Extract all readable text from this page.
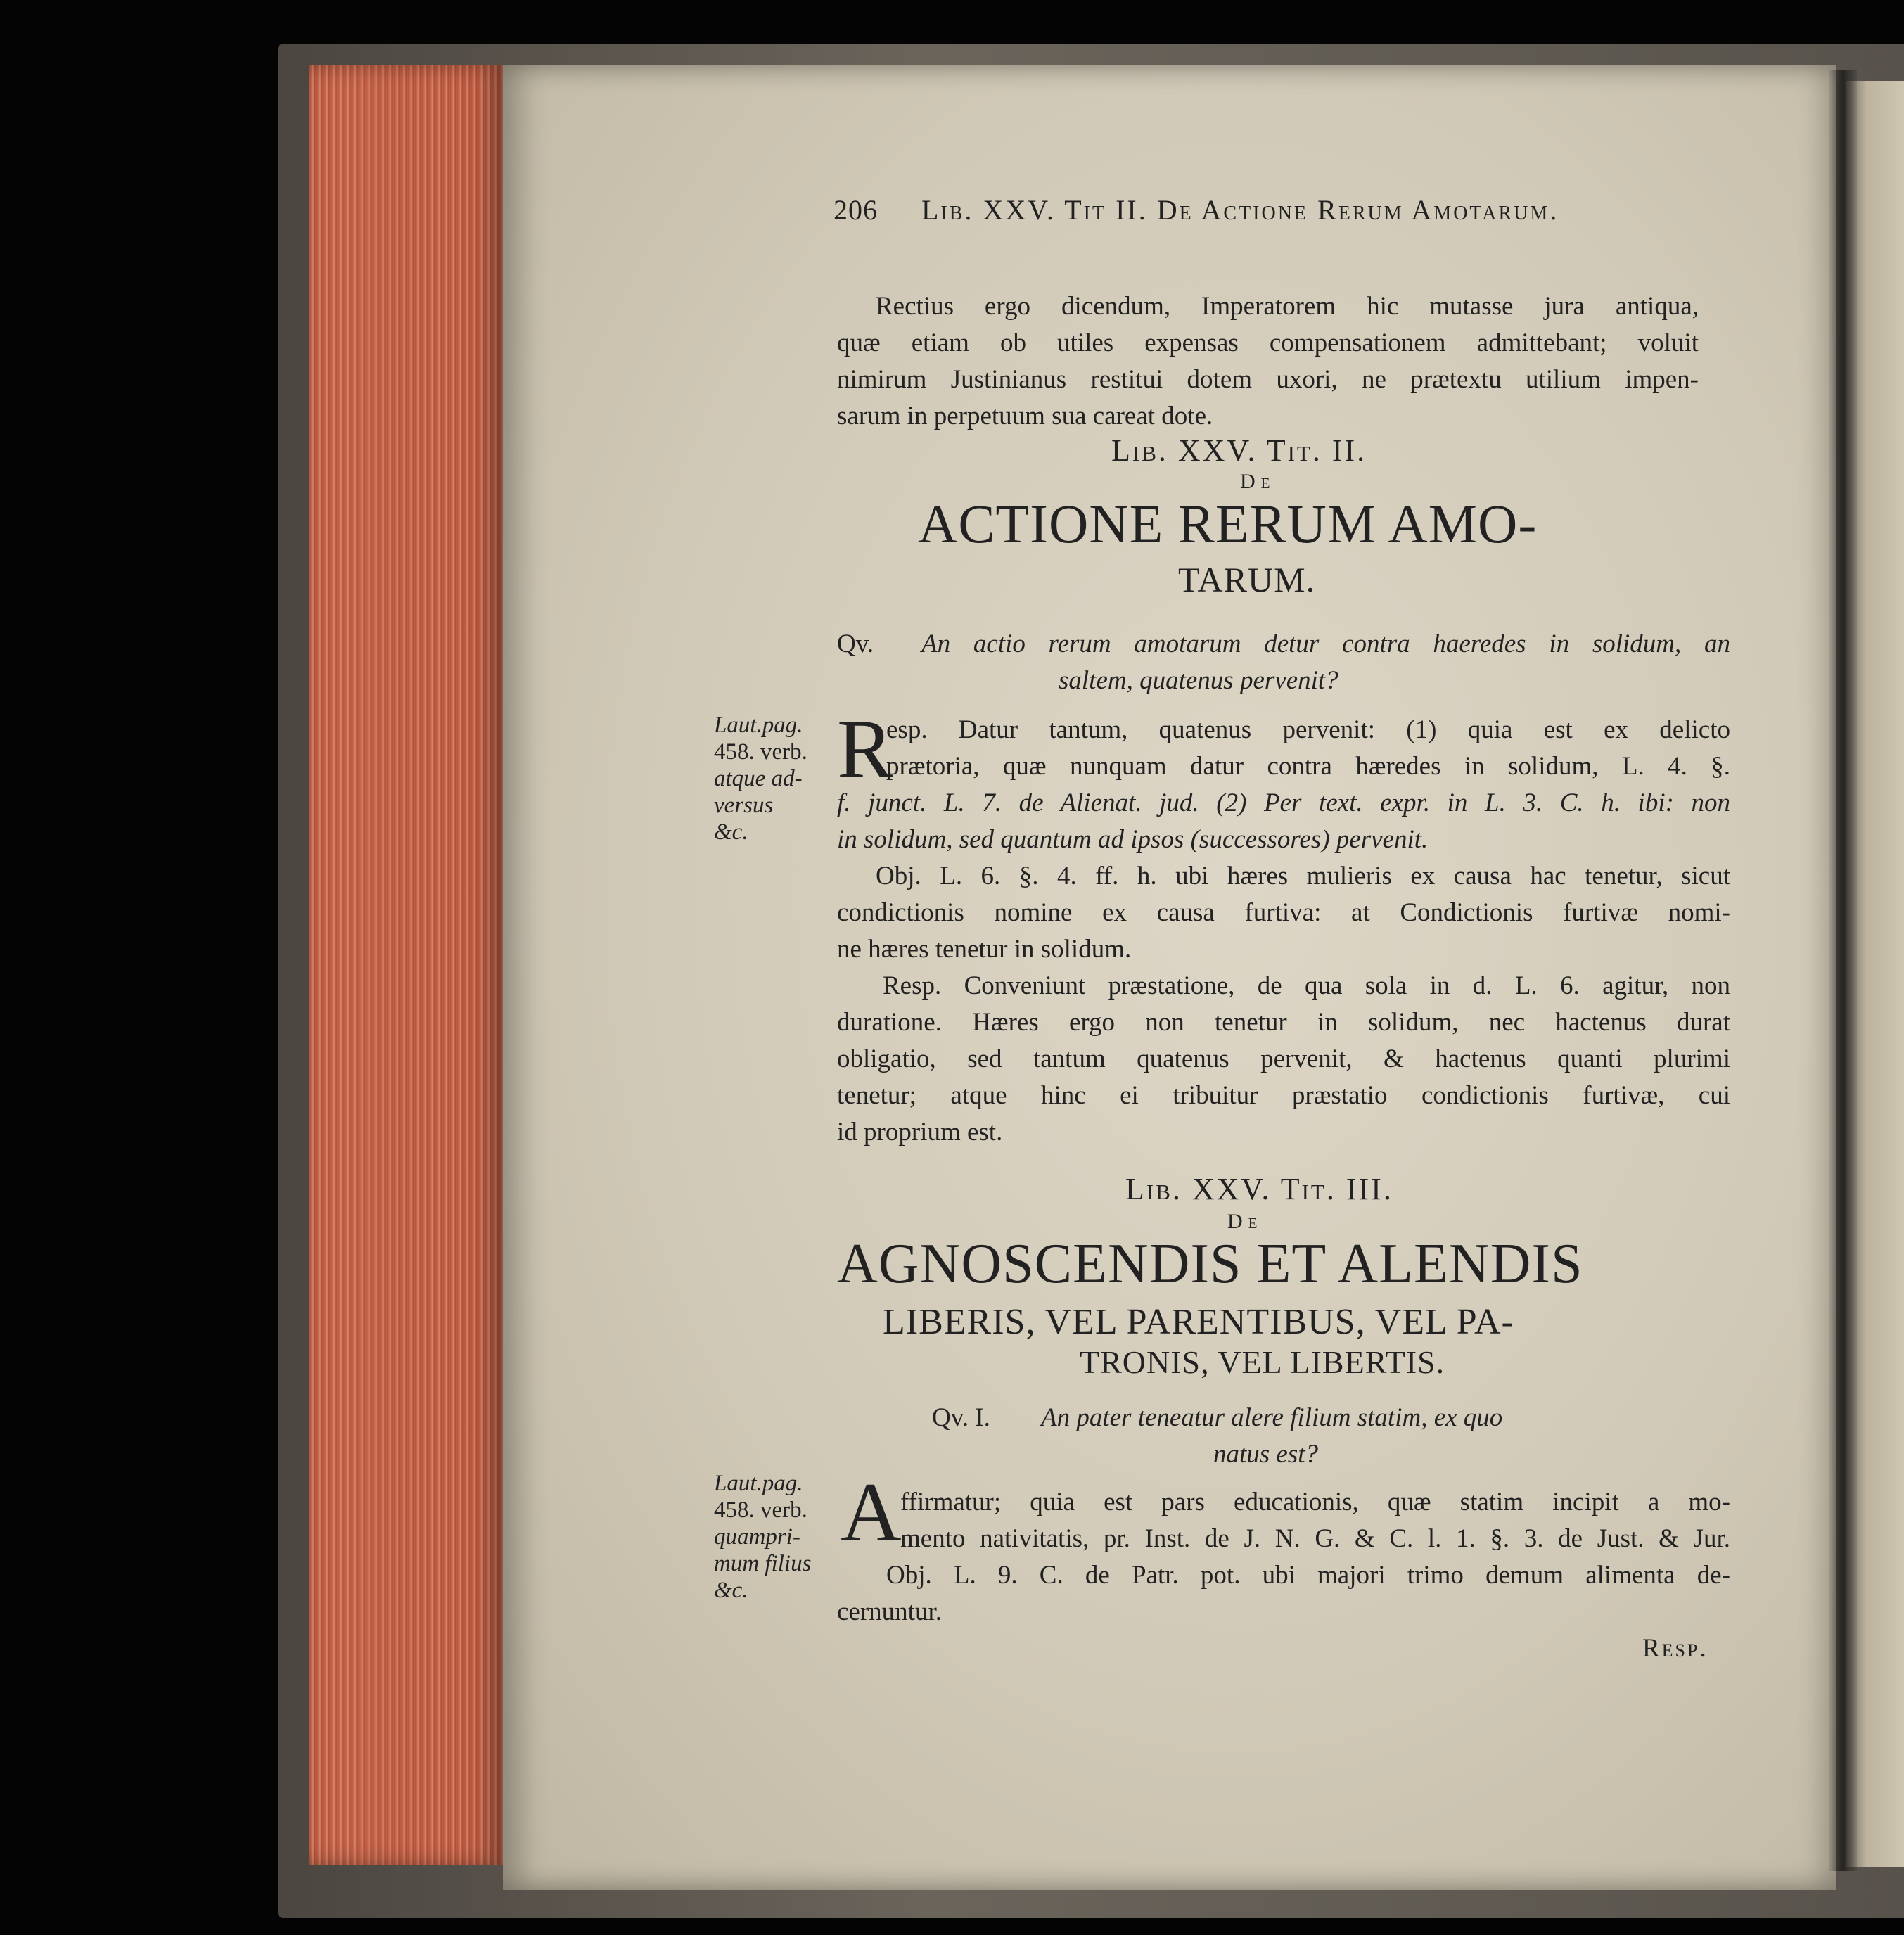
206 Lib. XXV. Tit II. De Actione Rerum Amotarum.
Rectius ergo dicendum, Imperatorem hic mutasse jura antiqua,
quæ etiam ob utiles expensas compensationem admittebant; voluit
nimirum Justinianus restitui dotem uxori, ne prætextu utilium impen-
sarum in perpetuum sua careat dote.
Lib. XXV. Tit. II.
De
ACTIONE RERUM AMO-
TARUM.
Qv. An actio rerum amotarum detur contra haeredes in solidum, an
saltem, quatenus pervenit?
Laut.pag.
458. verb.
atque ad-
versus
&c.
R
esp. Datur tantum, quatenus pervenit: (1) quia est ex delicto
prætoria, quæ nunquam datur contra hæredes in solidum, L. 4. §.
f. junct. L. 7. de Alienat. jud. (2) Per text. expr. in L. 3. C. h. ibi: non
in solidum, sed quantum ad ipsos (successores) pervenit.
Obj. L. 6. §. 4. ff. h. ubi hæres mulieris ex causa hac tenetur, sicut
condictionis nomine ex causa furtiva: at Condictionis furtivæ nomi-
ne hæres tenetur in solidum.
Resp. Conveniunt præstatione, de qua sola in d. L. 6. agitur, non
duratione. Hæres ergo non tenetur in solidum, nec hactenus durat
obligatio, sed tantum quatenus pervenit, & hactenus quanti plurimi
tenetur; atque hinc ei tribuitur præstatio condictionis furtivæ, cui
id proprium est.
Lib. XXV. Tit. III.
De
AGNOSCENDIS ET ALENDIS
LIBERIS, VEL PARENTIBUS, VEL PA-
TRONIS, VEL LIBERTIS.
Qv. I. An pater teneatur alere filium statim, ex quo
natus est?
Laut.pag.
458. verb.
quampri-
mum filius
&c.
A
ffirmatur; quia est pars educationis, quæ statim incipit a mo-
mento nativitatis, pr. Inst. de J. N. G. & C. l. 1. §. 3. de Just. & Jur.
Obj. L. 9. C. de Patr. pot. ubi majori trimo demum alimenta de-
cernuntur.
Resp.
